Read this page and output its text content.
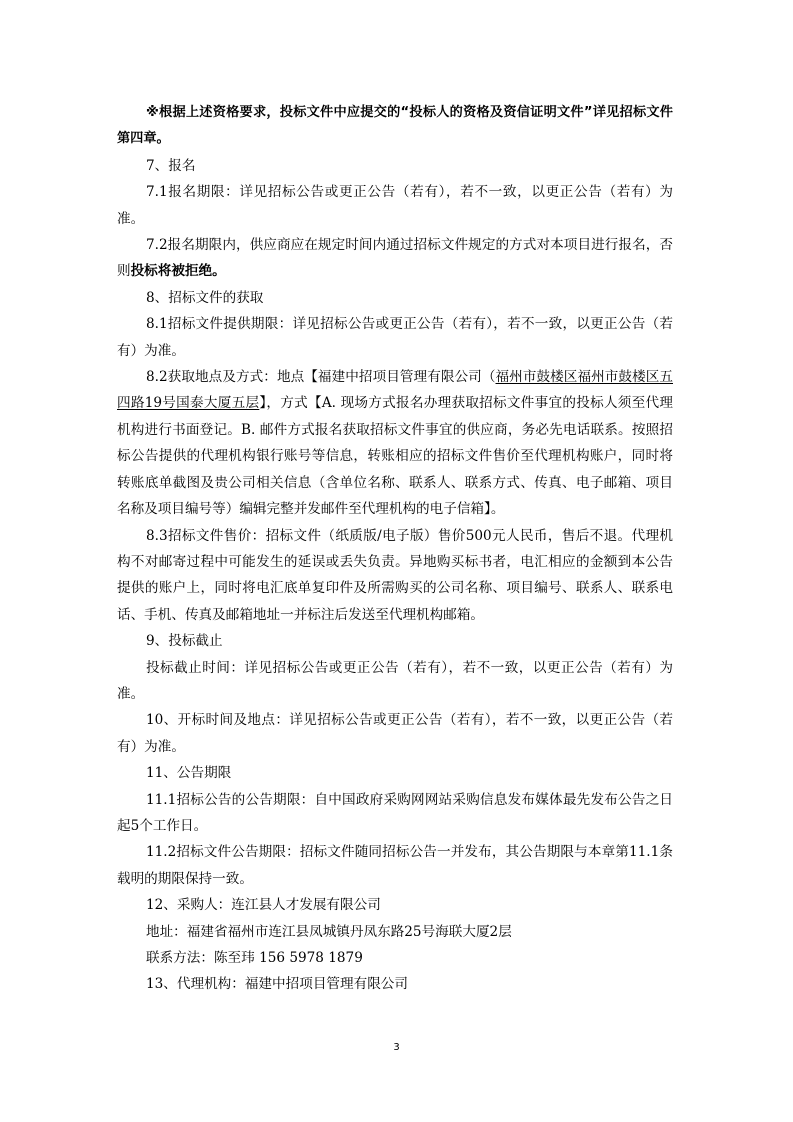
※根据上述资格要求，投标文件中应提交的“投标人的资格及资信证明文件”详见招标文件第四章。

7、报名

7.1报名期限：详见招标公告或更正公告（若有），若不一致，以更正公告（若有）为准。

7.2报名期限内，供应商应在规定时间内通过招标文件规定的方式对本项目进行报名，否则投标将被拒绝。

8、招标文件的获取

8.1招标文件提供期限：详见招标公告或更正公告（若有），若不一致，以更正公告（若有）为准。

8.2获取地点及方式：地点【福建中招项目管理有限公司（福州市鼓楼区福州市鼓楼区五四路19号国泰大厦五层】，方式【A. 现场方式报名办理获取招标文件事宜的投标人须至代理机构进行书面登记。B. 邮件方式报名获取招标文件事宜的供应商，务必先电话联系。按照招标公告提供的代理机构银行账号等信息，转账相应的招标文件售价至代理机构账户，同时将转账底单截图及贵公司相关信息（含单位名称、联系人、联系方式、传真、电子邮箱、项目名称及项目编号等）编辑完整并发邮件至代理机构的电子信箱】。

8.3招标文件售价：招标文件（纸质版/电子版）售价500元人民币，售后不退。代理机构不对邮寄过程中可能发生的延误或丢失负责。异地购买标书者，电汇相应的金额到本公告提供的账户上，同时将电汇底单复印件及所需购买的公司名称、项目编号、联系人、联系电话、手机、传真及邮箱地址一并标注后发送至代理机构邮箱。

9、投标截止

投标截止时间：详见招标公告或更正公告（若有），若不一致，以更正公告（若有）为准。

10、开标时间及地点：详见招标公告或更正公告（若有），若不一致，以更正公告（若有）为准。

11、公告期限

11.1招标公告的公告期限：自中国政府采购网网站采购信息发布媒体最先发布公告之日起5个工作日。

11.2招标文件公告期限：招标文件随同招标公告一并发布，其公告期限与本章第11.1条载明的期限保持一致。

12、采购人：连江县人才发展有限公司

地址：福建省福州市连江县凤城镇丹凤东路25号海联大厦2层

联系方法：陈至玮 156 5978 1879

13、代理机构：福建中招项目管理有限公司

3
